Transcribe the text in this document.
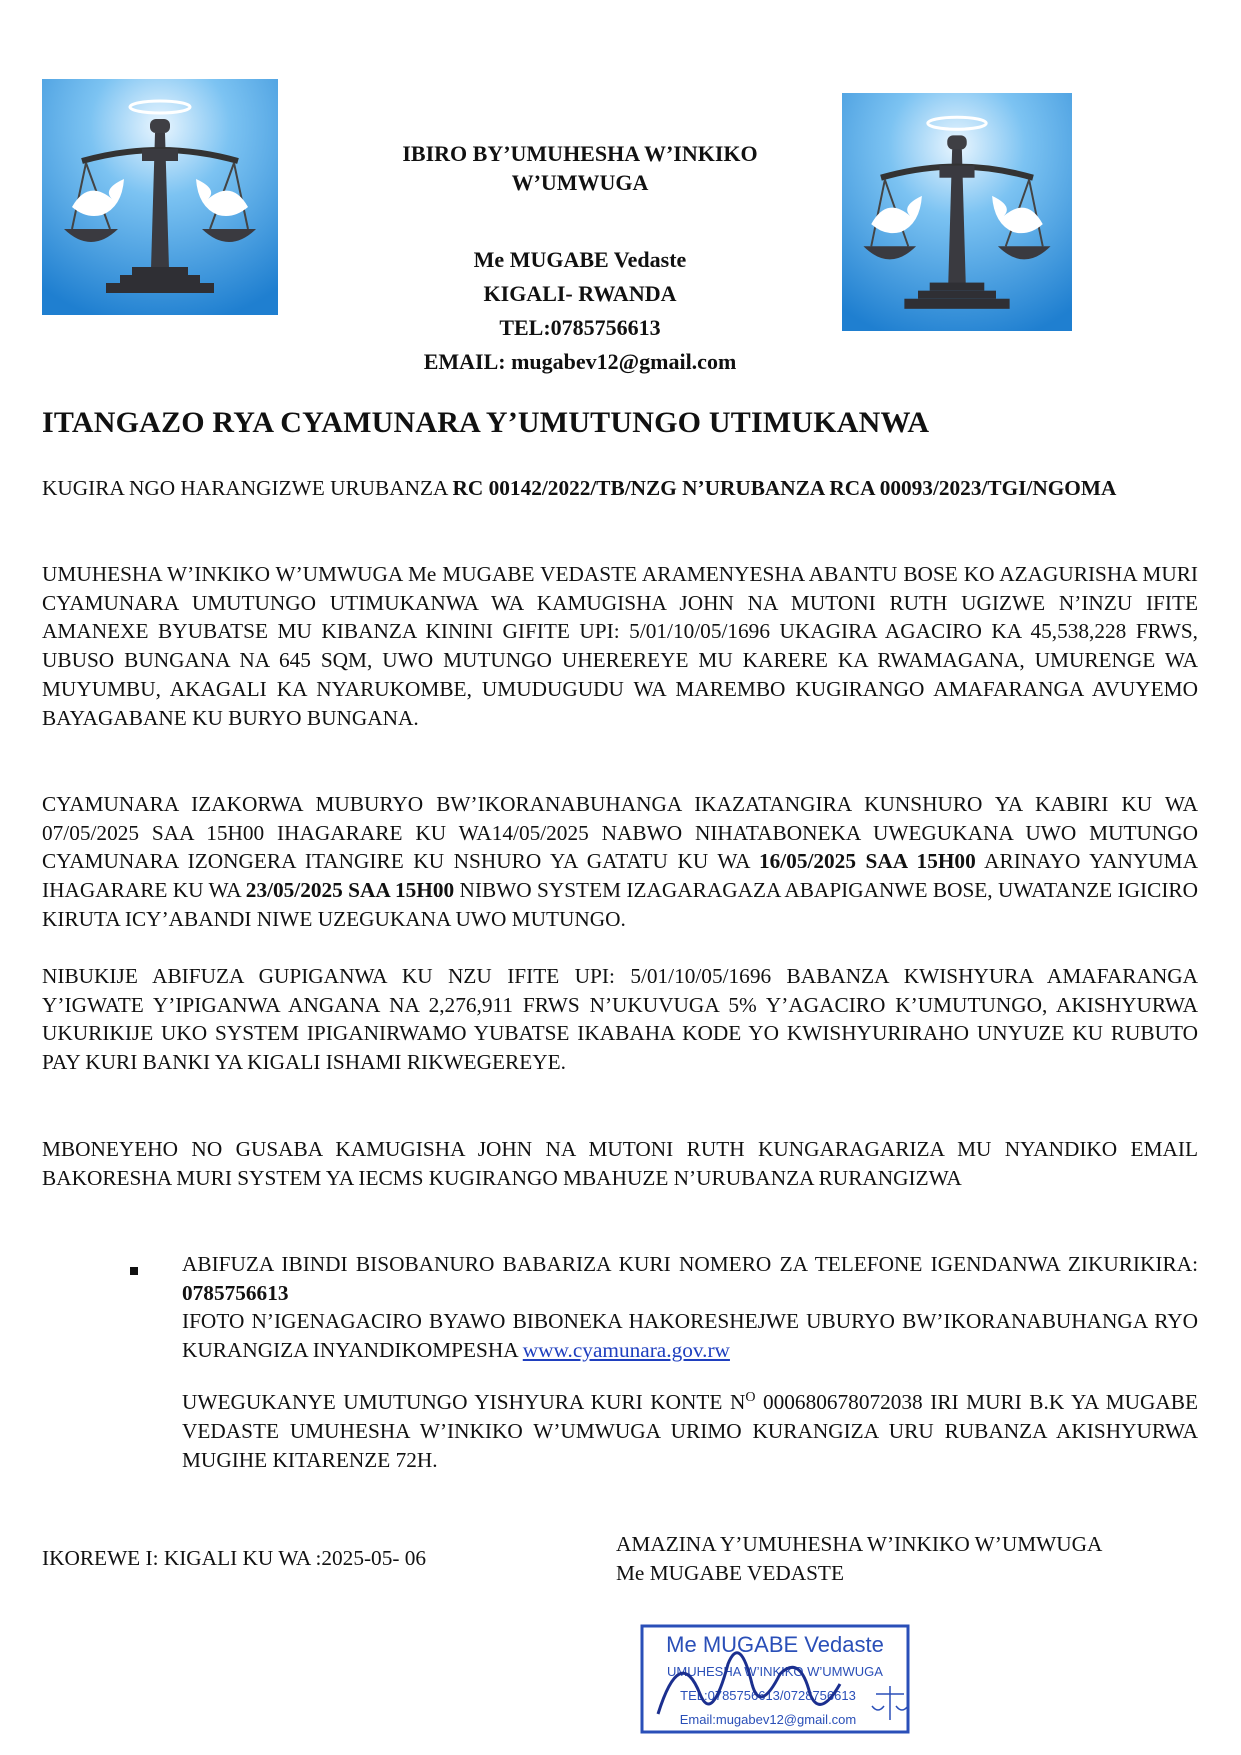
IBIRO BY’UMUHESHA W’INKIKO
W’UMWUGA
Me MUGABE Vedaste
KIGALI- RWANDA
TEL:0785756613
EMAIL: mugabev12@gmail.com
ITANGAZO RYA CYAMUNARA Y’UMUTUNGO UTIMUKANWA
KUGIRA NGO HARANGIZWE URUBANZA RC 00142/2022/TB/NZG N’URUBANZA RCA 00093/2023/TGI/NGOMA
UMUHESHA W’INKIKO W’UMWUGA Me MUGABE VEDASTE ARAMENYESHA ABANTU BOSE KO AZAGURISHA MURI CYAMUNARA UMUTUNGO UTIMUKANWA WA KAMUGISHA JOHN NA MUTONI RUTH UGIZWE N’INZU IFITE AMANEXE BYUBATSE MU KIBANZA KININI GIFITE UPI: 5/01/10/05/1696 UKAGIRA AGACIRO KA 45,538,228 FRWS, UBUSO BUNGANA NA 645 SQM, UWO MUTUNGO UHEREREYE MU KARERE KA RWAMAGANA, UMURENGE WA MUYUMBU, AKAGALI KA NYARUKOMBE, UMUDUGUDU WA MAREMBO KUGIRANGO AMAFARANGA AVUYEMO BAYAGABANE KU BURYO BUNGANA.
CYAMUNARA IZAKORWA MUBURYO BW’IKORANABUHANGA IKAZATANGIRA KUNSHURO YA KABIRI KU WA 07/05/2025 SAA 15H00 IHAGARARE KU WA14/05/2025 NABWO NIHATABONEKA UWEGUKANA UWO MUTUNGO CYAMUNARA IZONGERA ITANGIRE KU NSHURO YA GATATU KU WA 16/05/2025 SAA 15H00 ARINAYO YANYUMA IHAGARARE KU WA 23/05/2025 SAA 15H00 NIBWO SYSTEM IZAGARAGAZA ABAPIGANWE BOSE, UWATANZE IGICIRO KIRUTA ICY’ABANDI NIWE UZEGUKANA UWO MUTUNGO.
NIBUKIJE ABIFUZA GUPIGANWA KU NZU IFITE UPI: 5/01/10/05/1696 BABANZA KWISHYURA AMAFARANGA Y’IGWATE Y’IPIGANWA ANGANA NA 2,276,911 FRWS N’UKUVUGA 5% Y’AGACIRO K’UMUTUNGO, AKISHYURWA UKURIKIJE UKO SYSTEM IPIGANIRWAMO YUBATSE IKABAHA KODE YO KWISHYURIRAHO UNYUZE KU RUBUTO PAY KURI BANKI YA KIGALI ISHAMI RIKWEGEREYE.
MBONEYEHO NO GUSABA KAMUGISHA JOHN NA MUTONI RUTH KUNGARAGARIZA MU NYANDIKO EMAIL BAKORESHA MURI SYSTEM YA IECMS KUGIRANGO MBAHUZE N’URUBANZA RURANGIZWA
ABIFUZA IBINDI BISOBANURO BABARIZA KURI NOMERO ZA TELEFONE IGENDANWA ZIKURIKIRA: 0785756613
IFOTO N’IGENAGACIRO BYAWO BIBONEKA HAKORESHEJWE UBURYO BW’IKORANABUHANGA RYO KURANGIZA INYANDIKOMPESHA www.cyamunara.gov.rw
UWEGUKANYE UMUTUNGO YISHYURA KURI KONTE $N^O$ 000680678072038 IRI MURI B.K YA MUGABE VEDASTE UMUHESHA W’INKIKO W’UMWUGA URIMO KURANGIZA URU RUBANZA AKISHYURWA MUGIHE KITARENZE 72H.
IKOREWE I: KIGALI KU WA :2025-05- 06
AMAZINA Y’UMUHESHA W’INKIKO W’UMWUGA
Me MUGABE VEDASTE
Me MUGABE Vedaste
UMUHESHA W’INKIKO W’UMWUGA
TEL:0785756613/0728756613
Email:mugabev12@gmail.com
